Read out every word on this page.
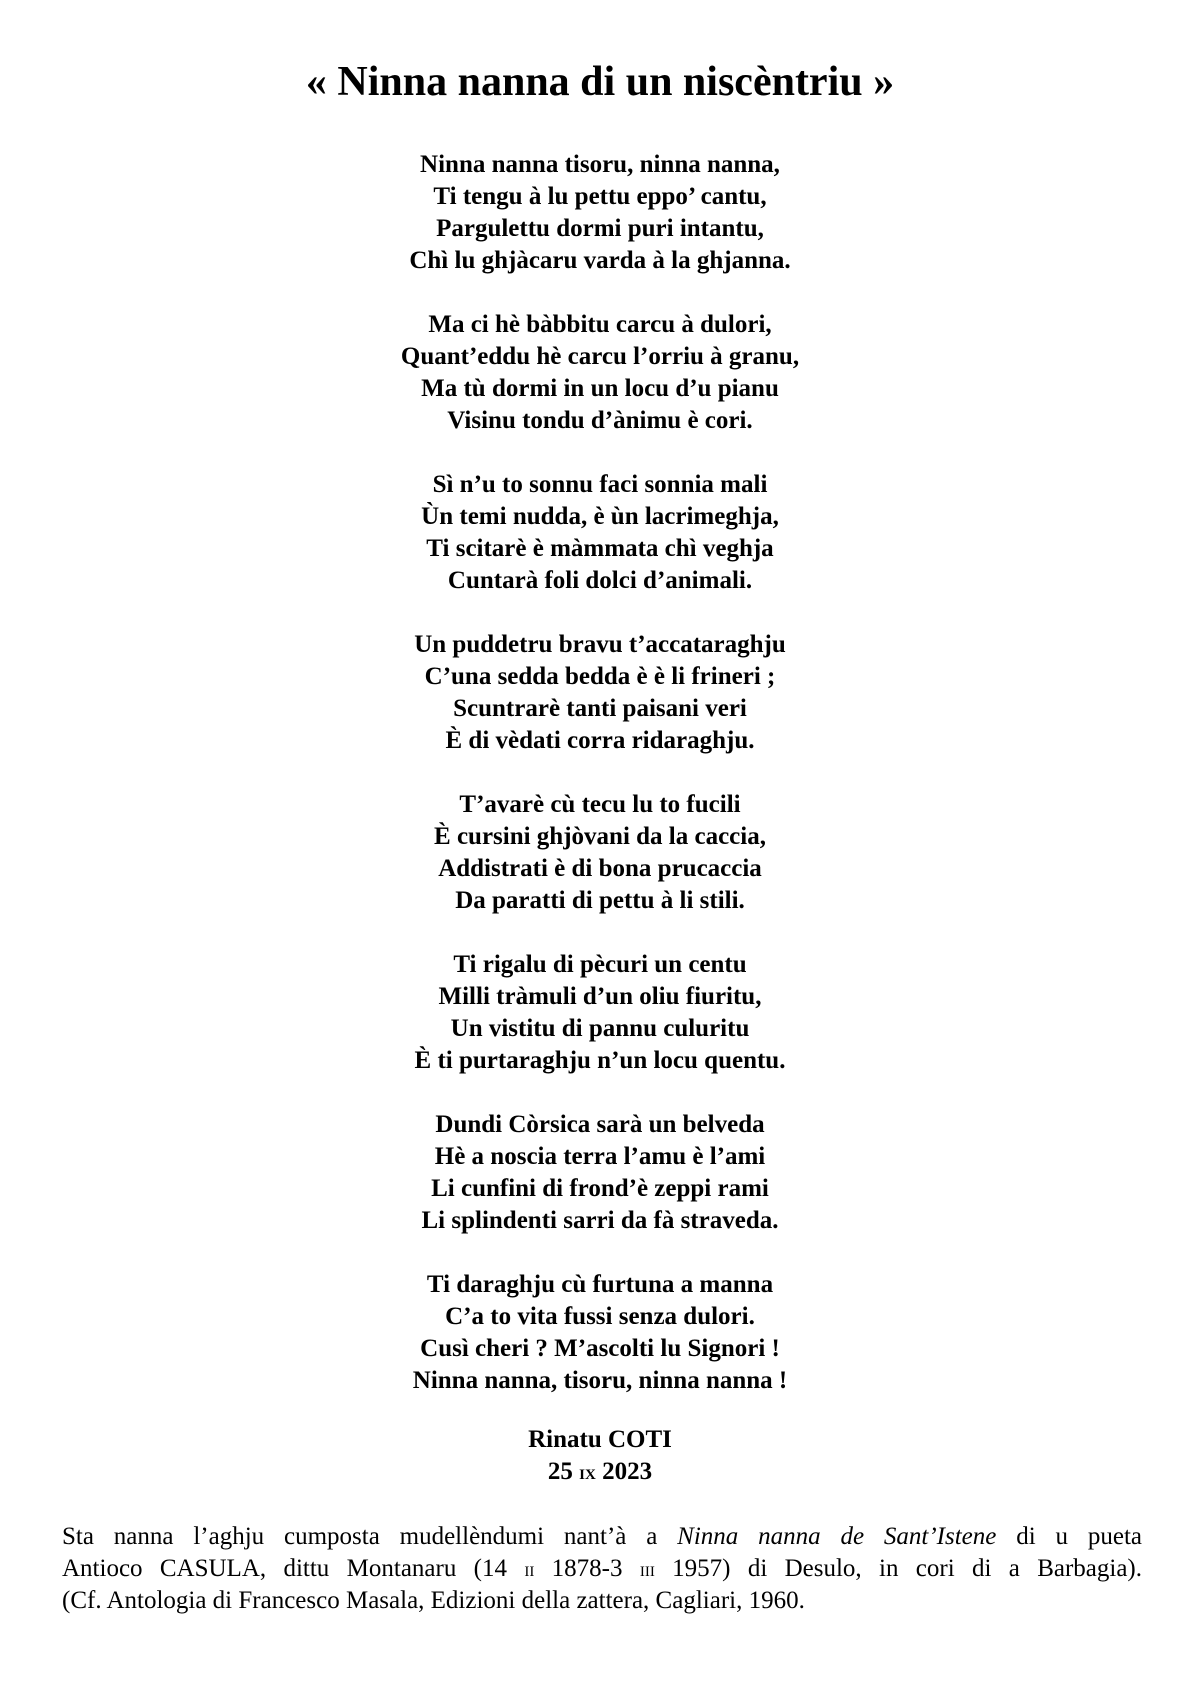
« Ninna nanna di un niscèntriu »
Ninna nanna tisoru, ninna nanna,
Ti tengu à lu pettu eppo’ cantu,
Pargulettu dormi puri intantu,
Chì lu ghjàcaru varda à la ghjanna.
Ma ci hè bàbbitu carcu à dulori,
Quant’eddu hè carcu l’orriu à granu,
Ma tù dormi in un locu d’u pianu
Visinu tondu d’ànimu è cori.
Sì n’u to sonnu faci sonnia mali
Ùn temi nudda, è ùn lacrimeghja,
Ti scitarè è màmmata chì veghja
Cuntarà foli dolci d’animali.
Un puddetru bravu t’accataraghju
C’una sedda bedda è è li frineri ;
Scuntrarè tanti paisani veri
È di vèdati corra ridaraghju.
T’avarè cù tecu lu to fucili
È cursini ghjòvani da la caccia,
Addistrati è di bona prucaccia
Da paratti di pettu à li stili.
Ti rigalu di pècuri un centu
Milli tràmuli d’un oliu fiuritu,
Un vistitu di pannu culuritu
È ti purtaraghju n’un locu quentu.
Dundi Còrsica sarà un belveda
Hè a noscia terra l’amu è l’ami
Li cunfini di frond’è zeppi rami
Li splindenti sarri da fà straveda.
Ti daraghju cù furtuna a manna
C’a to vita fussi senza dulori.
Cusì cheri ? M’ascolti lu Signori !
Ninna nanna, tisoru, ninna nanna !
Rinatu COTI
25 ix 2023

Sta nanna l’aghju cumposta mudellèndumi nant’à a Ninna nanna de Sant’Istene di u pueta
Antioco CASULA, dittu Montanaru (14 ii 1878-3 iii 1957) di Desulo, in cori di a Barbagia).
(Cf. Antologia di Francesco Masala, Edizioni della zattera, Cagliari, 1960.
